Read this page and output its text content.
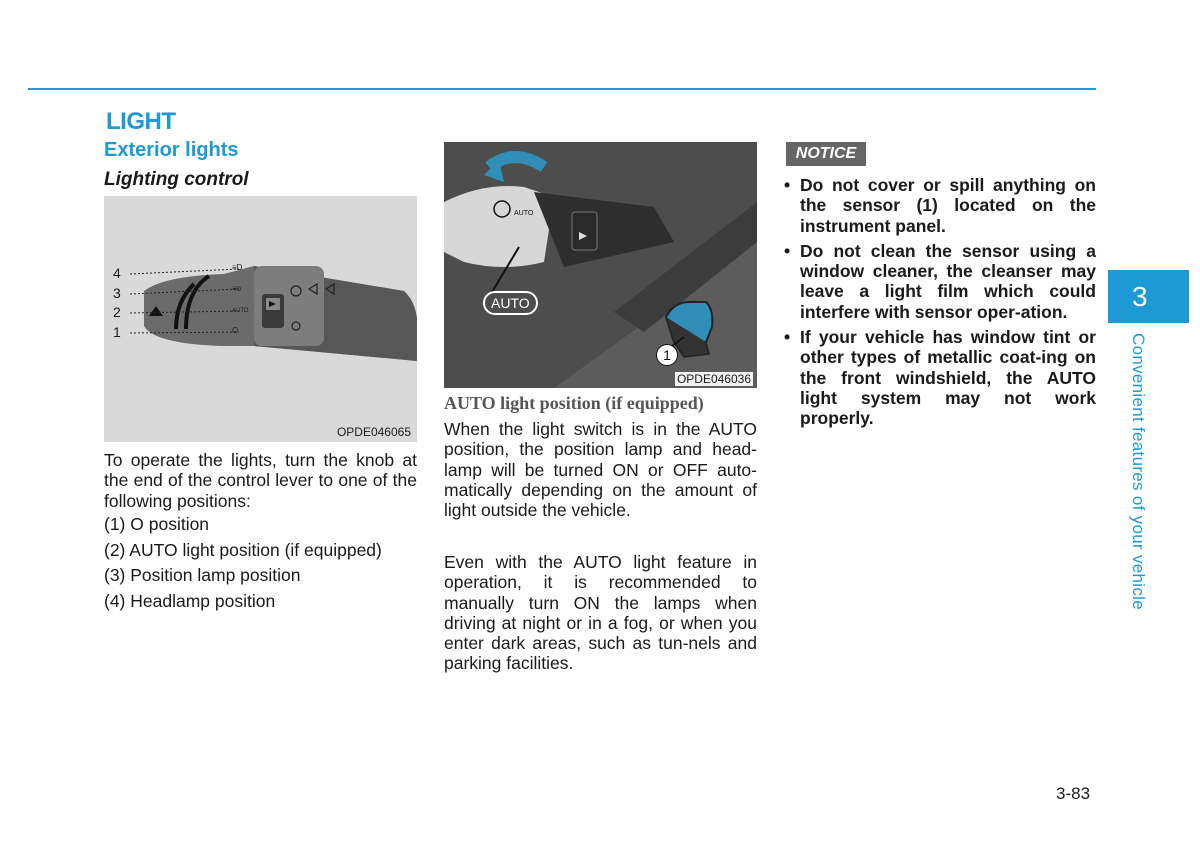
LIGHT
Exterior lights
Lighting control
≡D
≡o
O
AUTO
4
3
2
1
OPDE046065
AUTO
AUTO
1
OPDE046036
AUTO light position (if equipped)
To operate the lights, turn the knob at the end of the control lever to one of the following positions:
(1) O position
(2) AUTO light position (if equipped)
(3) Position lamp position
(4) Headlamp position
When the light switch is in the AUTO position, the position lamp and head-lamp will be turned ON or OFF auto-matically depending on the amount of light outside the vehicle.
Even with the AUTO light feature in operation, it is recommended to manually turn ON the lamps when driving at night or in a fog, or when you enter dark areas, such as tun-nels and parking facilities.
NOTICE
• Do not cover or spill anything on the sensor (1) located on the instrument panel.
• Do not clean the sensor using a window cleaner, the cleanser may leave a light film which could interfere with sensor oper-ation.
• If your vehicle has window tint or other types of metallic coat-ing on the front windshield, the AUTO light system may not work properly.
3
Convenient features of your vehicle
3-83
